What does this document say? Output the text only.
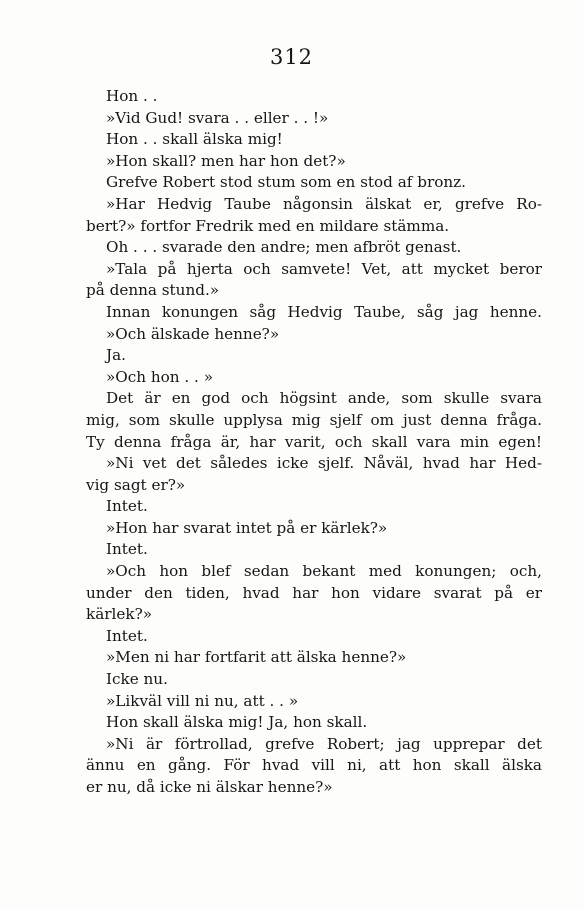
312
Hon . .
»Vid Gud! svara . . eller . . !»
Hon . . skall älska mig!
»Hon skall? men har hon det?»
Grefve Robert stod stum som en stod af bronz.
»Har Hedvig Taube någonsin älskat er, grefve Ro-
bert?» fortfor Fredrik med en mildare stämma.
Oh . . . svarade den andre; men afbröt genast.
»Tala på hjerta och samvete! Vet, att mycket beror
på denna stund.»
Innan konungen såg Hedvig Taube, såg jag henne.
»Och älskade henne?»
Ja.
»Och hon . . »
Det är en god och högsint ande, som skulle svara
mig, som skulle upplysa mig sjelf om just denna fråga.
Ty denna fråga är, har varit, och skall vara min egen!
»Ni vet det således icke sjelf. Nåväl, hvad har Hed-
vig sagt er?»
Intet.
»Hon har svarat intet på er kärlek?»
Intet.
»Och hon blef sedan bekant med konungen; och,
under den tiden, hvad har hon vidare svarat på er
kärlek?»
Intet.
»Men ni har fortfarit att älska henne?»
Icke nu.
»Likväl vill ni nu, att . . »
Hon skall älska mig! Ja, hon skall.
»Ni är förtrollad, grefve Robert; jag upprepar det
ännu en gång. För hvad vill ni, att hon skall älska
er nu, då icke ni älskar henne?»
